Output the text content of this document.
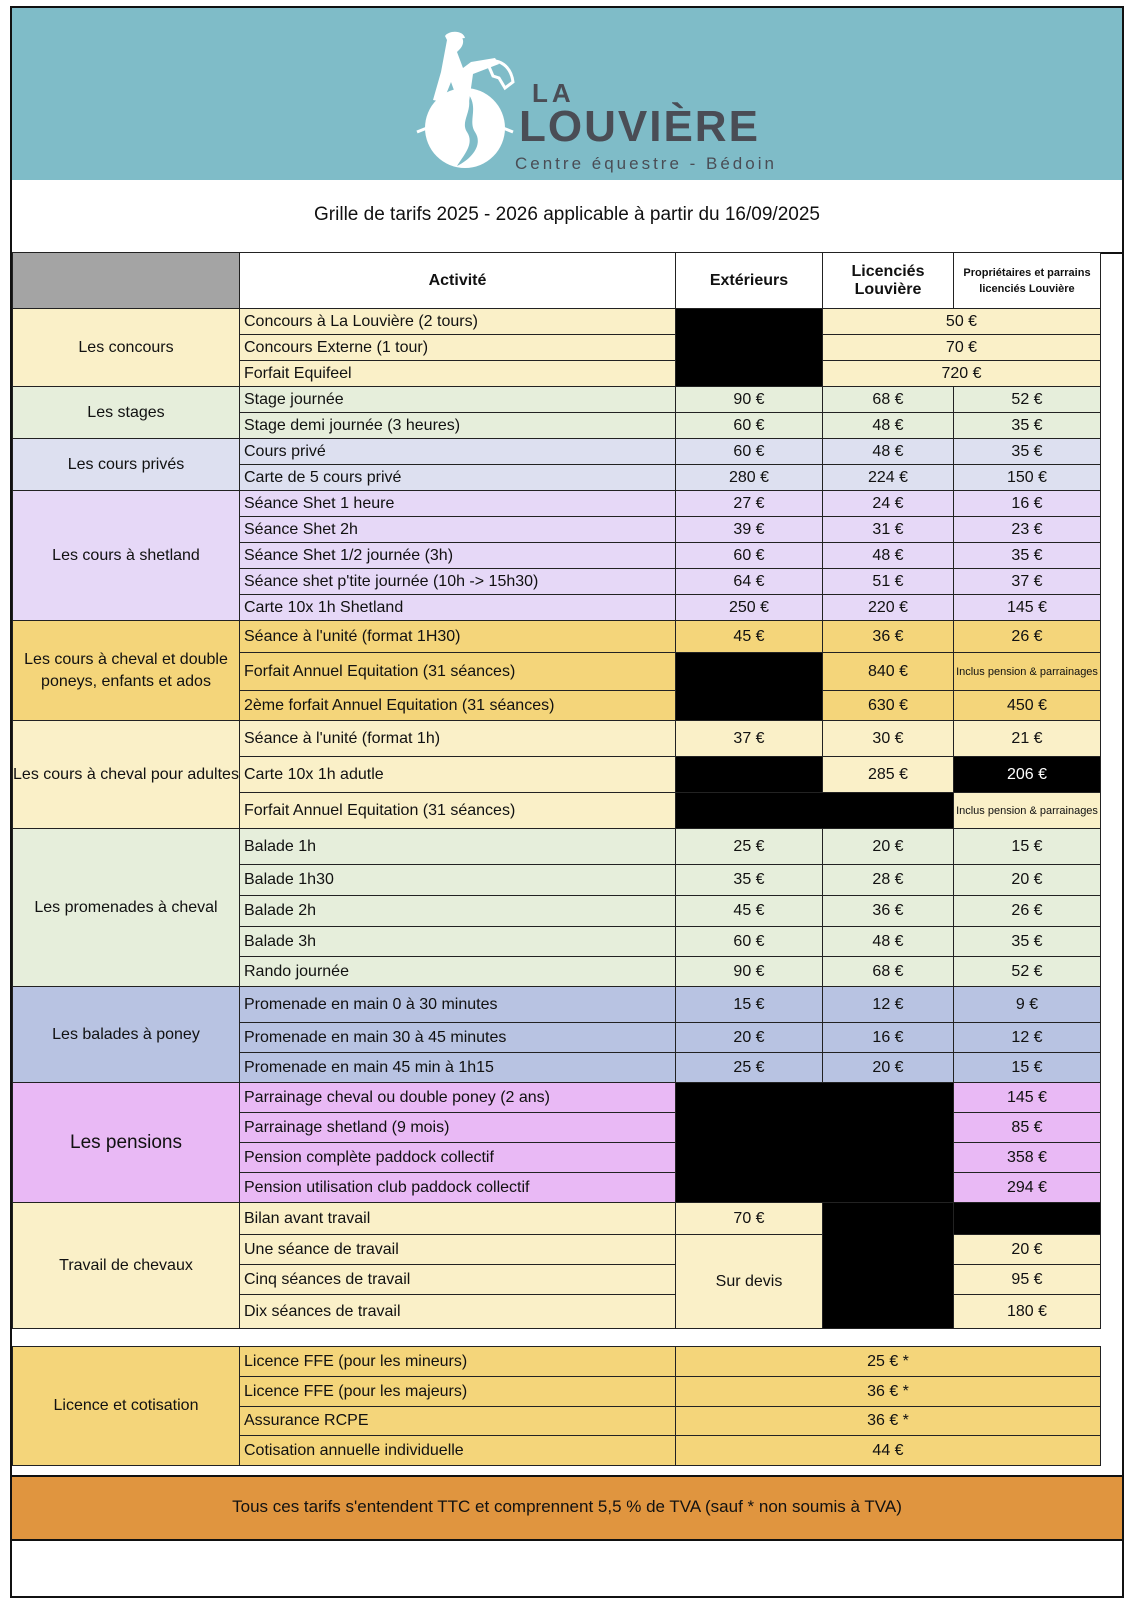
LA
LOUVIÈRE
Centre équestre - Bédoin
Grille de tarifs 2025 - 2026 applicable à partir du 16/09/2025
	Activité	Extérieurs	Licenciés Louvière	Propriétaires et parrains licenciés Louvière
Les concours	Concours à La Louvière (2 tours)		50 €	
	Concours Externe (1 tour)		70 €	
	Forfait Equifeel		720 €	
Les stages	Stage journée	90 €	68 €	52 €
	Stage demi journée (3 heures)	60 €	48 €	35 €
Les cours privés	Cours privé	60 €	48 €	35 €
	Carte de 5 cours privé	280 €	224 €	150 €
Les cours à shetland	Séance Shet 1 heure	27 €	24 €	16 €
	Séance Shet 2h	39 €	31 €	23 €
	Séance Shet 1/2 journée (3h)	60 €	48 €	35 €
	Séance shet p'tite journée (10h -> 15h30)	64 €	51 €	37 €
	Carte 10x 1h Shetland	250 €	220 €	145 €
Les cours à cheval et double poneys, enfants et ados	Séance à l'unité (format 1H30)	45 €	36 €	26 €
	Forfait Annuel Equitation (31 séances)		840 €	Inclus pension & parrainages
	2ème forfait Annuel Equitation (31 séances)		630 €	450 €
Les cours à cheval pour adultes	Séance à l'unité (format 1h)	37 €	30 €	21 €
	Carte 10x 1h adutle		285 €	206 €
	Forfait Annuel Equitation (31 séances)			Inclus pension & parrainages
Les promenades à cheval	Balade 1h	25 €	20 €	15 €
	Balade 1h30	35 €	28 €	20 €
	Balade 2h	45 €	36 €	26 €
	Balade 3h	60 €	48 €	35 €
	Rando journée	90 €	68 €	52 €
Les balades à poney	Promenade en main 0 à 30 minutes	15 €	12 €	9 €
	Promenade en main 30 à 45 minutes	20 €	16 €	12 €
	Promenade en main 45 min à 1h15	25 €	20 €	15 €
Les pensions	Parrainage cheval ou double poney (2 ans)			145 €
	Parrainage shetland (9 mois)			85 €
	Pension complète paddock collectif			358 €
	Pension utilisation club paddock collectif			294 €
Travail de chevaux	Bilan avant travail	70 €		
	Une séance de travail	Sur devis		20 €
	Cinq séances de travail			95 €
	Dix séances de travail			180 €

Licence et cotisation	Licence FFE (pour les mineurs)	25 € *		
	Licence FFE (pour les majeurs)	36 € *		
	Assurance RCPE	36 € *		
	Cotisation annuelle individuelle	44 €		
Tous ces tarifs s'entendent TTC et comprennent 5,5 % de TVA (sauf * non soumis à TVA)
